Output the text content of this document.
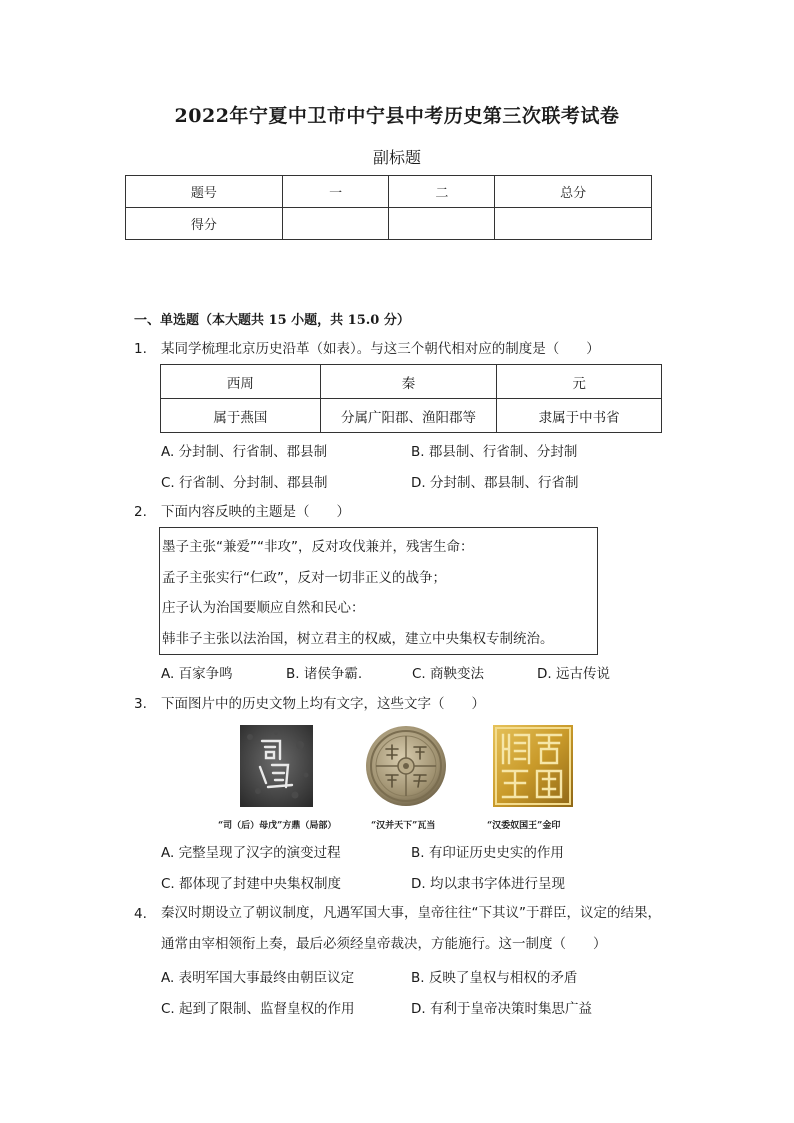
2022年宁夏中卫市中宁县中考历史第三次联考试卷
副标题
题号	一	二	总分
得分			
一、单选题（本大题共 15 小题，共 15.0 分）
1.	某同学梳理北京历史沿革（如表）。与这三个朝代相对应的制度是（　　）
西周	秦	元
属于燕国	分属广阳郡、渔阳郡等	隶属于中书省
A. 分封制、行省制、郡县制	B. 郡县制、行省制、分封制
C. 行省制、分封制、郡县制	D. 分封制、郡县制、行省制
2.	下面内容反映的主题是（　　）
墨子主张“兼爱”“非攻”，反对攻伐兼并，残害生命：
孟子主张实行“仁政”，反对一切非正义的战争；
庄子认为治国要顺应自然和民心：
韩非子主张以法治国，树立君主的权威，建立中央集权专制统治。
A. 百家争鸣	B. 诸侯争霸.	C. 商鞅变法	D. 远古传说
3.	下面图片中的历史文物上均有文字，这些文字（　　）
“司（后）母戊”方鼎（局部）	“汉并天下”瓦当	“汉委奴国王”金印
A. 完整呈现了汉字的演变过程	B. 有印证历史史实的作用
C. 都体现了封建中央集权制度	D. 均以隶书字体进行呈现
4.	秦汉时期设立了朝议制度，凡遇军国大事，皇帝往往“下其议”于群臣，议定的结果，通常由宰相领衔上奏，最后必须经皇帝裁决，方能施行。这一制度（　　）
A. 表明军国大事最终由朝臣议定	B. 反映了皇权与相权的矛盾
C. 起到了限制、监督皇权的作用	D. 有利于皇帝决策时集思广益
